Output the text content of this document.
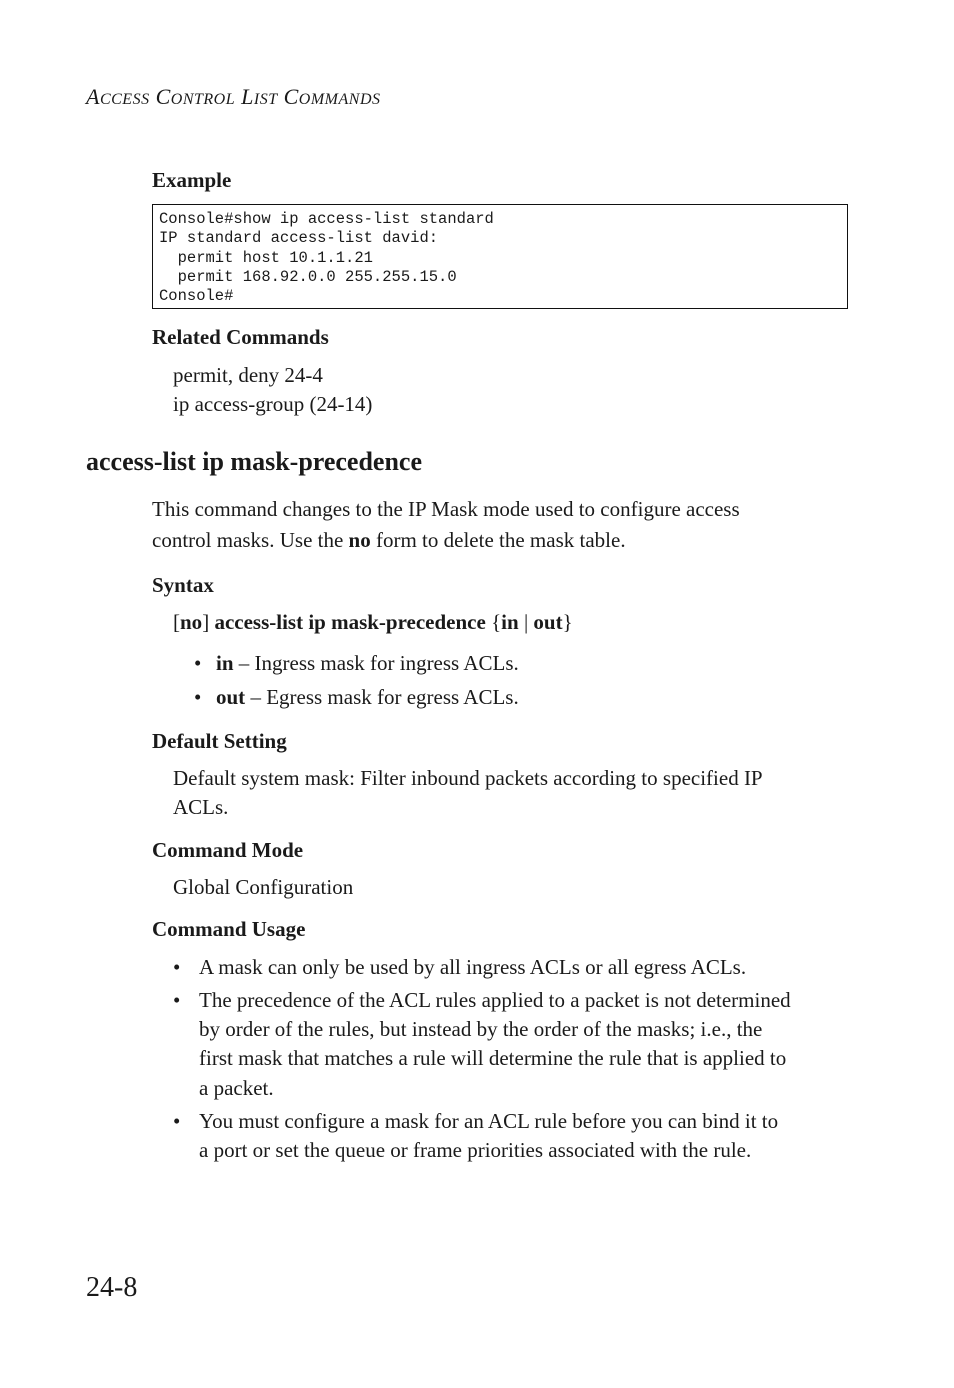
ACCESS CONTROL LIST COMMANDS
Example
Console#show ip access-list standard
IP standard access-list david:
permit host 10.1.1.21
permit 168.92.0.0 255.255.15.0
Console#
Related Commands
permit, deny 24-4
ip access-group (24-14)
access-list ip mask-precedence
This command changes to the IP Mask mode used to configure access
control masks. Use the no form to delete the mask table.
Syntax
[no] access-list ip mask-precedence {in | out}
• in – Ingress mask for ingress ACLs.
• out – Egress mask for egress ACLs.
Default Setting
Default system mask: Filter inbound packets according to specified IP
ACLs.
Command Mode
Global Configuration
Command Usage
• A mask can only be used by all ingress ACLs or all egress ACLs.
• The precedence of the ACL rules applied to a packet is not determined
by order of the rules, but instead by the order of the masks; i.e., the
first mask that matches a rule will determine the rule that is applied to
a packet.
• You must configure a mask for an ACL rule before you can bind it to
a port or set the queue or frame priorities associated with the rule.
24-8
